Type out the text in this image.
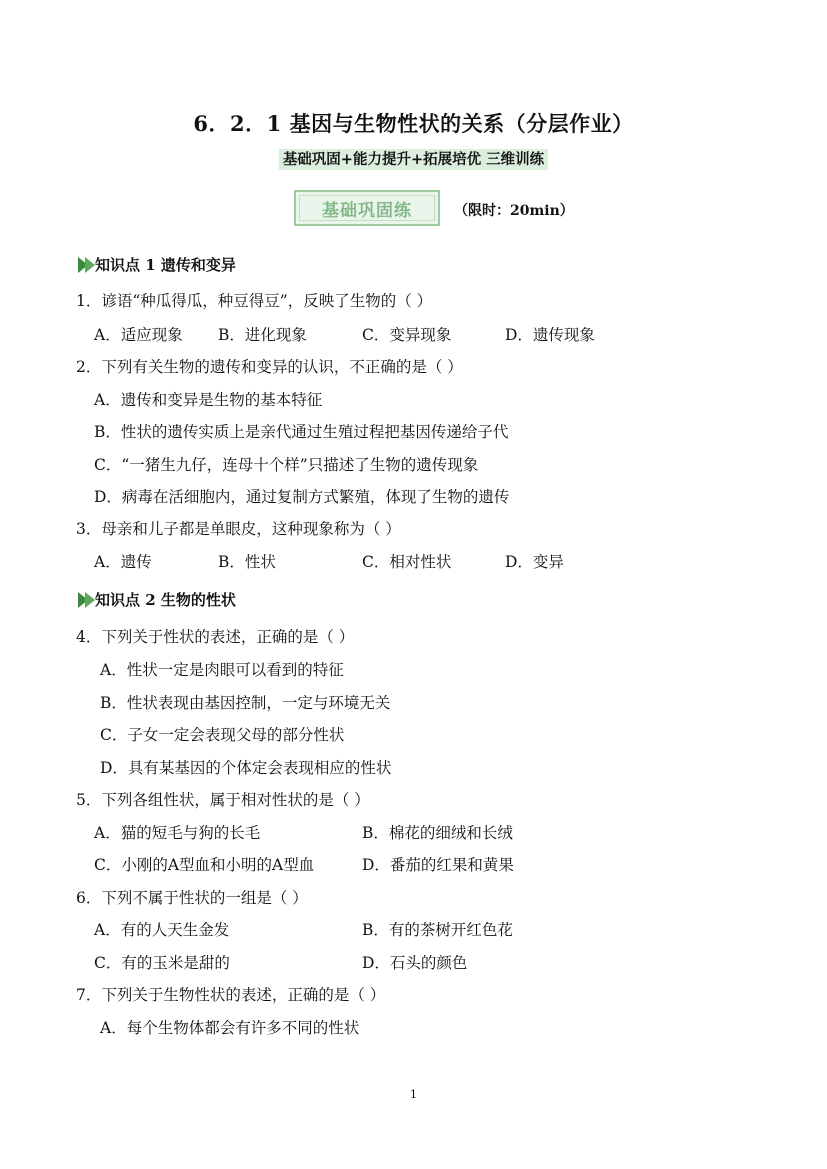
6．2．1 基因与生物性状的关系（分层作业）
基础巩固+能力提升+拓展培优 三维训练
基础巩固练	（限时：20min）
知识点 1 遗传和变异
1．谚语“种瓜得瓜，种豆得豆”，反映了生物的（ ）
A．适应现象 B．进化现象	C．变异现象	D．遗传现象
2．下列有关生物的遗传和变异的认识，不正确的是（ ）
A．遗传和变异是生物的基本特征
B．性状的遗传实质上是亲代通过生殖过程把基因传递给子代
C．“一猪生九仔，连母十个样”只描述了生物的遗传现象
D．病毒在活细胞内，通过复制方式繁殖，体现了生物的遗传
3．母亲和儿子都是单眼皮，这种现象称为（ ）
A．遗传	B．性状	C．相对性状	D．变异
知识点 2 生物的性状
4．下列关于性状的表述，正确的是（ ）
A．性状一定是肉眼可以看到的特征
B．性状表现由基因控制，一定与环境无关
C．子女一定会表现父母的部分性状
D．具有某基因的个体定会表现相应的性状
5．下列各组性状，属于相对性状的是（ ）
A．猫的短毛与狗的长毛	B．棉花的细绒和长绒
C．小刚的A型血和小明的A型血	D．番茄的红果和黄果
6．下列不属于性状的一组是（ ）
A．有的人天生金发	B．有的茶树开红色花
C．有的玉米是甜的	D．石头的颜色
7．下列关于生物性状的表述，正确的是（ ）
A．每个生物体都会有许多不同的性状
1
